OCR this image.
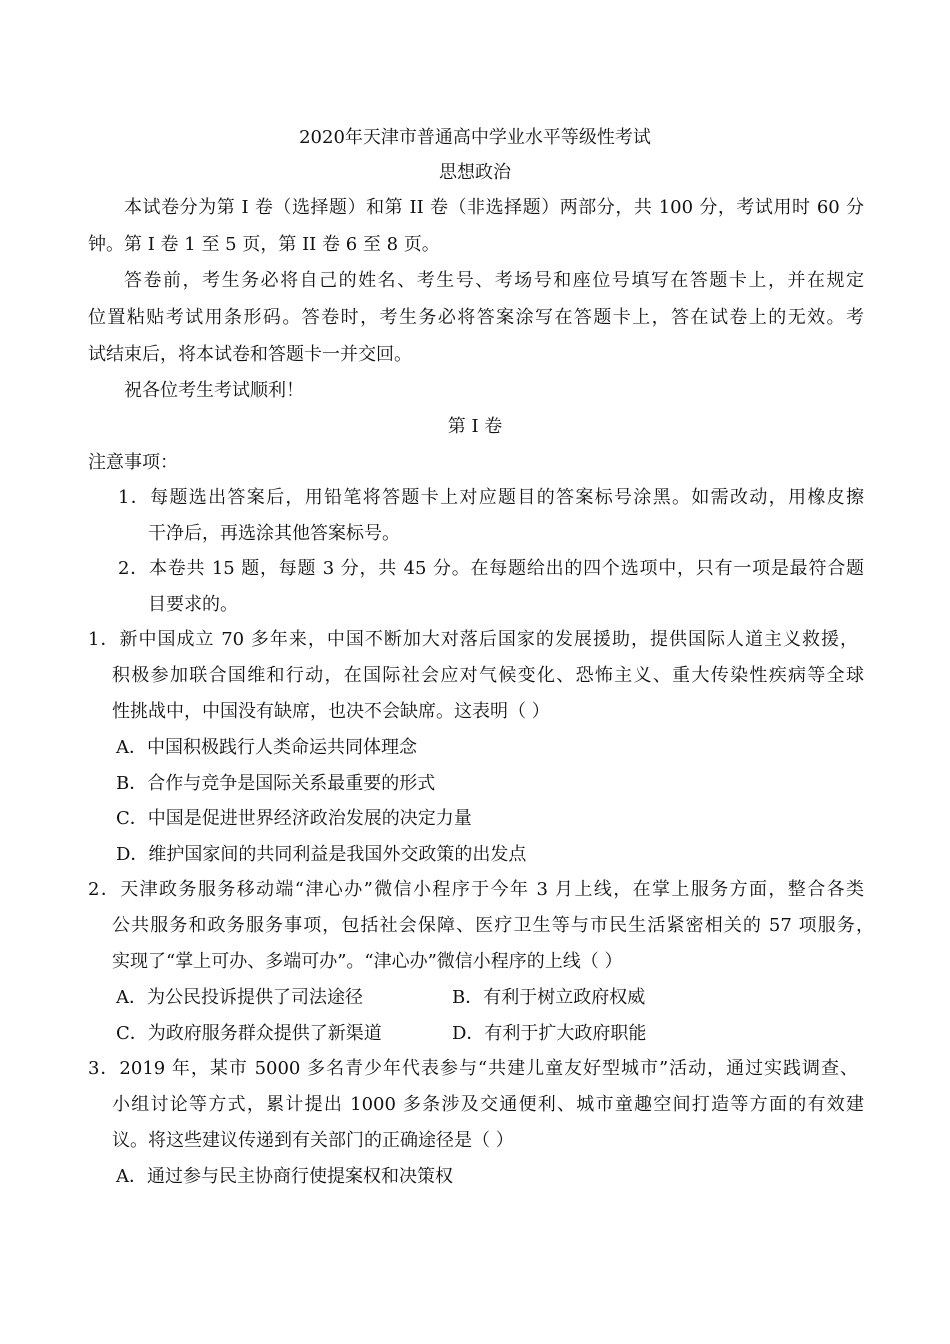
2020年天津市普通高中学业水平等级性考试
思想政治
本试卷分为第 I 卷（选择题）和第 II 卷（非选择题）两部分，共 100 分，考试用时 60 分
钟。第 I 卷 1 至 5 页，第 II 卷 6 至 8 页。
答卷前，考生务必将自己的姓名、考生号、考场号和座位号填写在答题卡上，并在规定
位置粘贴考试用条形码。答卷时，考生务必将答案涂写在答题卡上，答在试卷上的无效。考
试结束后，将本试卷和答题卡一并交回。
祝各位考生考试顺利！
第 I 卷
注意事项：
1．每题选出答案后，用铅笔将答题卡上对应题目的答案标号涂黑。如需改动，用橡皮擦
干净后，再选涂其他答案标号。
2．本卷共 15 题，每题 3 分，共 45 分。在每题给出的四个选项中，只有一项是最符合题
目要求的。
1．新中国成立 70 多年来，中国不断加大对落后国家的发展援助，提供国际人道主义救援，
积极参加联合国维和行动，在国际社会应对气候变化、恐怖主义、重大传染性疾病等全球
性挑战中，中国没有缺席，也决不会缺席。这表明（ ）
A．中国积极践行人类命运共同体理念
B．合作与竞争是国际关系最重要的形式
C．中国是促进世界经济政治发展的决定力量
D．维护国家间的共同利益是我国外交政策的出发点
2．天津政务服务移动端“津心办”微信小程序于今年 3 月上线，在掌上服务方面，整合各类
公共服务和政务服务事项，包括社会保障、医疗卫生等与市民生活紧密相关的 57 项服务，
实现了“掌上可办、多端可办”。“津心办”微信小程序的上线（ ）
A．为公民投诉提供了司法途径	B．有利于树立政府权威
C．为政府服务群众提供了新渠道	D．有利于扩大政府职能
3．2019 年，某市 5000 多名青少年代表参与“共建儿童友好型城市”活动，通过实践调查、
小组讨论等方式，累计提出 1000 多条涉及交通便利、城市童趣空间打造等方面的有效建
议。将这些建议传递到有关部门的正确途径是（ ）
A．通过参与民主协商行使提案权和决策权
